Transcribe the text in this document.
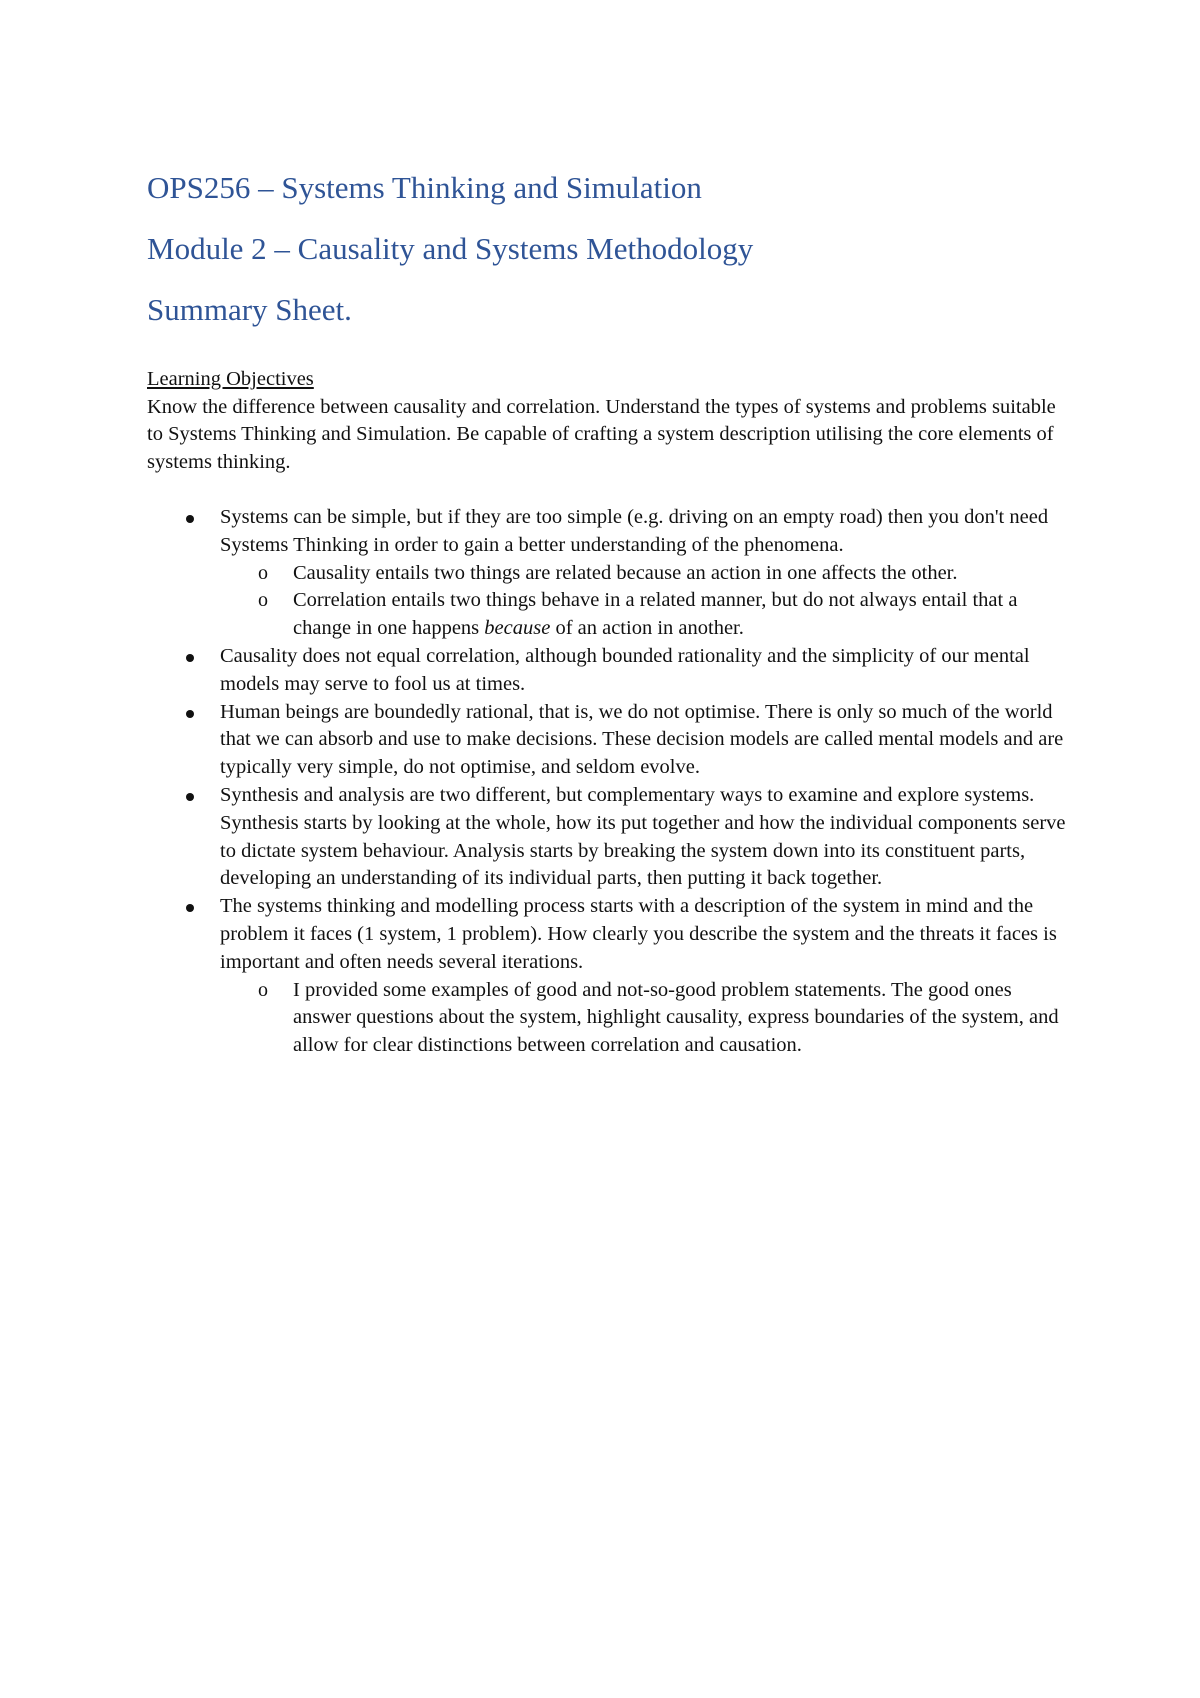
OPS256 – Systems Thinking and Simulation
Module 2 – Causality and Systems Methodology
Summary Sheet.
Learning Objectives

Know the difference between causality and correlation. Understand the types of systems and problems suitable to Systems Thinking and Simulation. Be capable of crafting a system description utilising the core elements of systems thinking.

Systems can be simple, but if they are too simple (e.g. driving on an empty road) then you don't need Systems Thinking in order to gain a better understanding of the phenomena.
o Causality entails two things are related because an action in one affects the other.
o Correlation entails two things behave in a related manner, but do not always entail that a change in one happens because of an action in another.
Causality does not equal correlation, although bounded rationality and the simplicity of our mental models may serve to fool us at times.
Human beings are boundedly rational, that is, we do not optimise. There is only so much of the world that we can absorb and use to make decisions. These decision models are called mental models and are typically very simple, do not optimise, and seldom evolve.
Synthesis and analysis are two different, but complementary ways to examine and explore systems. Synthesis starts by looking at the whole, how its put together and how the individual components serve to dictate system behaviour. Analysis starts by breaking the system down into its constituent parts, developing an understanding of its individual parts, then putting it back together.
The systems thinking and modelling process starts with a description of the system in mind and the problem it faces (1 system, 1 problem). How clearly you describe the system and the threats it faces is important and often needs several iterations.
o I provided some examples of good and not-so-good problem statements. The good ones answer questions about the system, highlight causality, express boundaries of the system, and allow for clear distinctions between correlation and causation.
